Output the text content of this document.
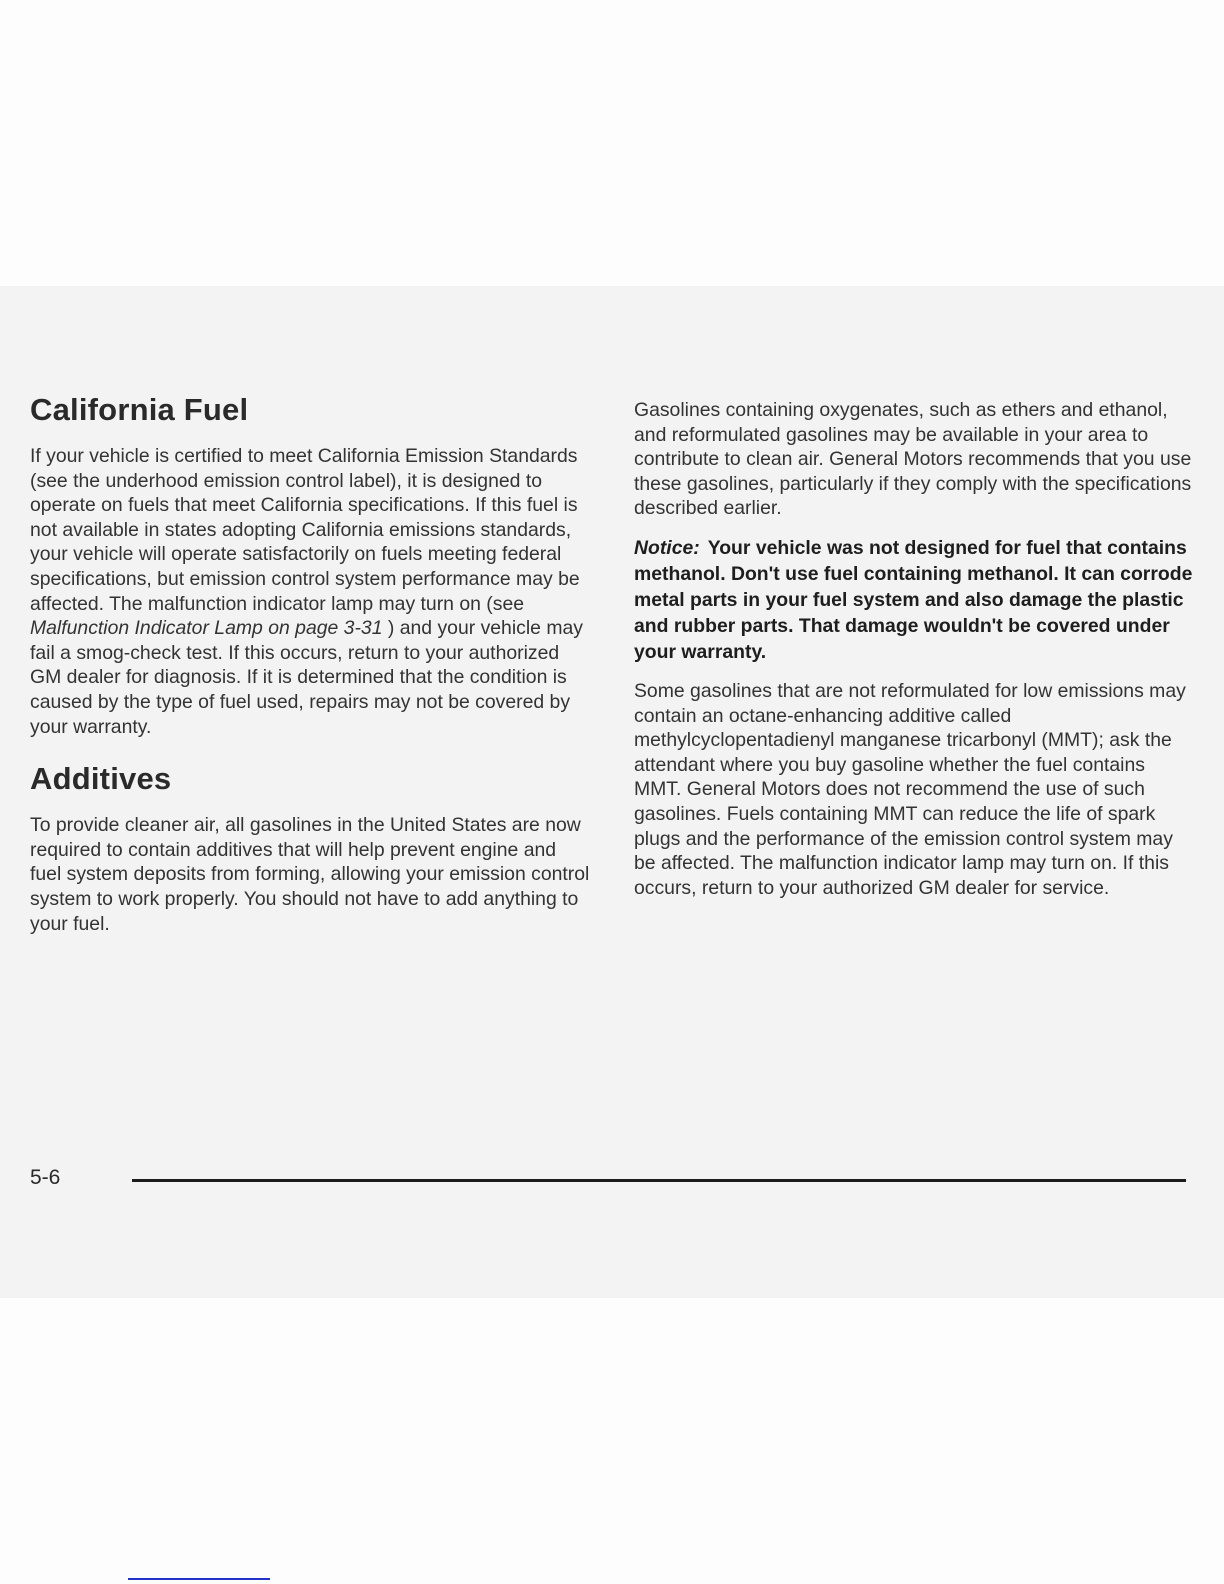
California Fuel

If your vehicle is certified to meet California Emission Standards (see the underhood emission control label), it is designed to operate on fuels that meet California specifications. If this fuel is not available in states adopting California emissions standards, your vehicle will operate satisfactorily on fuels meeting federal specifications, but emission control system performance may be affected. The malfunction indicator lamp may turn on (see Malfunction Indicator Lamp on page 3-31 ) and your vehicle may fail a smog-check test. If this occurs, return to your authorized GM dealer for diagnosis. If it is determined that the condition is caused by the type of fuel used, repairs may not be covered by your warranty.

Additives

To provide cleaner air, all gasolines in the United States are now required to contain additives that will help prevent engine and fuel system deposits from forming, allowing your emission control system to work properly. You should not have to add anything to your fuel.

Gasolines containing oxygenates, such as ethers and ethanol, and reformulated gasolines may be available in your area to contribute to clean air. General Motors recommends that you use these gasolines, particularly if they comply with the specifications described earlier.

Notice: Your vehicle was not designed for fuel that contains methanol. Don't use fuel containing methanol. It can corrode metal parts in your fuel system and also damage the plastic and rubber parts. That damage wouldn't be covered under your warranty.

Some gasolines that are not reformulated for low emissions may contain an octane-enhancing additive called methylcyclopentadienyl manganese tricarbonyl (MMT); ask the attendant where you buy gasoline whether the fuel contains MMT. General Motors does not recommend the use of such gasolines. Fuels containing MMT can reduce the life of spark plugs and the performance of the emission control system may be affected. The malfunction indicator lamp may turn on. If this occurs, return to your authorized GM dealer for service.

5-6
